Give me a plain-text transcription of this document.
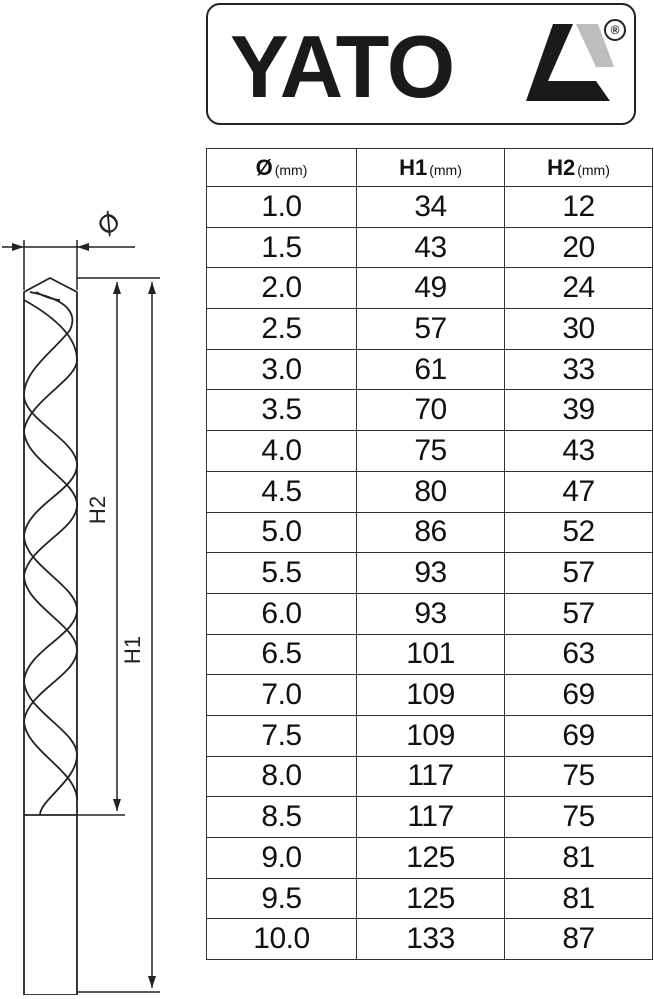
YATO	®
Ø
H1
H2
Ø (mm)	H1 (mm)	H2 (mm)
1.0	34	12
1.5	43	20
2.0	49	24
2.5	57	30
3.0	61	33
3.5	70	39
4.0	75	43
4.5	80	47
5.0	86	52
5.5	93	57
6.0	93	57
6.5	101	63
7.0	109	69
7.5	109	69
8.0	117	75
8.5	117	75
9.0	125	81
9.5	125	81
10.0	133	87
